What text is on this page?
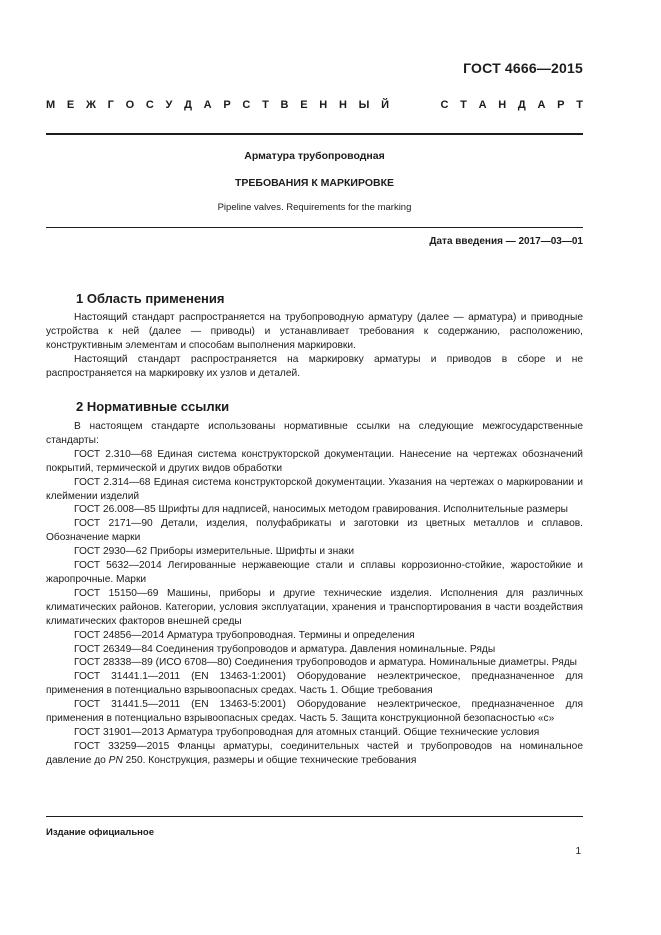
ГОСТ 4666—2015
М Е Ж Г О С У Д А Р С Т В Е Н Н Ы Й	С Т А Н Д А Р Т
Арматура трубопроводная
ТРЕБОВАНИЯ К МАРКИРОВКЕ
Pipeline valves. Requirements for the marking
Дата введения — 2017—03—01
1 Область применения

Настоящий стандарт распространяется на трубопроводную арматуру (далее — арматура) и приводные устройства к ней (далее — приводы) и устанавливает требования к содержанию, расположению, конструктивным элементам и способам выполнения маркировки.

Настоящий стандарт распространяется на маркировку арматуры и приводов в сборе и не распространяется на маркировку их узлов и деталей.

2 Нормативные ссылки

В настоящем стандарте использованы нормативные ссылки на следующие межгосударственные стандарты:

ГОСТ 2.310—68 Единая система конструкторской документации. Нанесение на чертежах обозначений покрытий, термической и других видов обработки

ГОСТ 2.314—68 Единая система конструкторской документации. Указания на чертежах о маркировании и клеймении изделий

ГОСТ 26.008—85 Шрифты для надписей, наносимых методом гравирования. Исполнительные размеры

ГОСТ 2171—90 Детали, изделия, полуфабрикаты и заготовки из цветных металлов и сплавов. Обозначение марки

ГОСТ 2930—62 Приборы измерительные. Шрифты и знаки

ГОСТ 5632—2014 Легированные нержавеющие стали и сплавы коррозионно-стойкие, жаростойкие и жаропрочные. Марки

ГОСТ 15150—69 Машины, приборы и другие технические изделия. Исполнения для различных климатических районов. Категории, условия эксплуатации, хранения и транспортирования в части воздействия климатических факторов внешней среды

ГОСТ 24856—2014 Арматура трубопроводная. Термины и определения

ГОСТ 26349—84 Соединения трубопроводов и арматура. Давления номинальные. Ряды

ГОСТ 28338—89 (ИСО 6708—80) Соединения трубопроводов и арматура. Номинальные диаметры. Ряды

ГОСТ 31441.1—2011 (EN 13463-1:2001) Оборудование неэлектрическое, предназначенное для применения в потенциально взрывоопасных средах. Часть 1. Общие требования

ГОСТ 31441.5—2011 (EN 13463-5:2001) Оборудование неэлектрическое, предназначенное для применения в потенциально взрывоопасных средах. Часть 5. Защита конструкционной безопасностью «с»

ГОСТ 31901—2013 Арматура трубопроводная для атомных станций. Общие технические условия

ГОСТ 33259—2015 Фланцы арматуры, соединительных частей и трубопроводов на номинальное давление до PN 250. Конструкция, размеры и общие технические требования

Издание официальное
1
